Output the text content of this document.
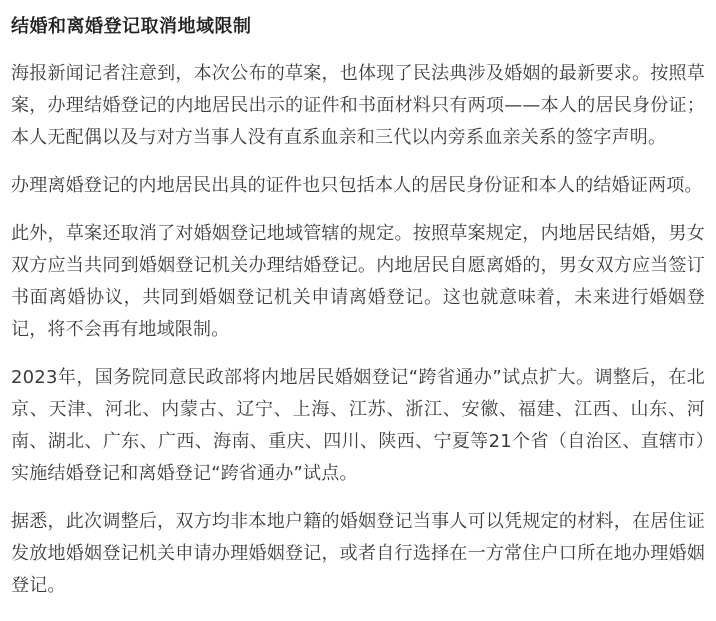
结婚和离婚登记取消地域限制

海报新闻记者注意到，本次公布的草案，也体现了民法典涉及婚姻的最新要求。按照草案，办理结婚登记的内地居民出示的证件和书面材料只有两项——本人的居民身份证；本人无配偶以及与对方当事人没有直系血亲和三代以内旁系血亲关系的签字声明。

办理离婚登记的内地居民出具的证件也只包括本人的居民身份证和本人的结婚证两项。

此外，草案还取消了对婚姻登记地域管辖的规定。按照草案规定，内地居民结婚，男女双方应当共同到婚姻登记机关办理结婚登记。内地居民自愿离婚的，男女双方应当签订书面离婚协议，共同到婚姻登记机关申请离婚登记。这也就意味着，未来进行婚姻登记，将不会再有地域限制。

2023年，国务院同意民政部将内地居民婚姻登记“跨省通办”试点扩大。调整后，在北京、天津、河北、内蒙古、辽宁、上海、江苏、浙江、安徽、福建、江西、山东、河南、湖北、广东、广西、海南、重庆、四川、陕西、宁夏等21个省（自治区、直辖市）实施结婚登记和离婚登记“跨省通办”试点。

据悉，此次调整后，双方均非本地户籍的婚姻登记当事人可以凭规定的材料，在居住证发放地婚姻登记机关申请办理婚姻登记，或者自行选择在一方常住户口所在地办理婚姻登记。
